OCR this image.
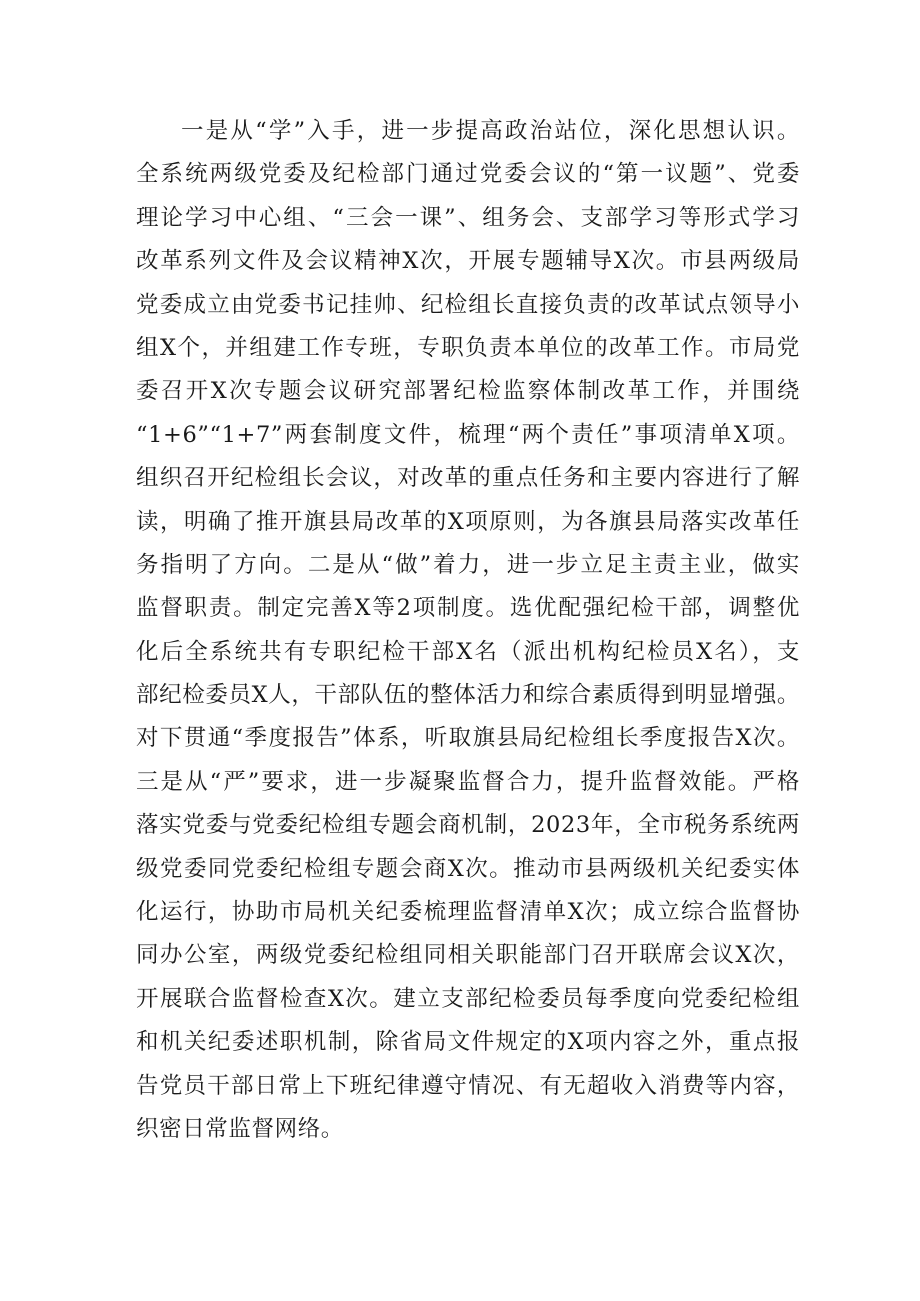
一是从“学”入手，进一步提高政治站位，深化思想认识。
全系统两级党委及纪检部门通过党委会议的“第一议题”、党委
理论学习中心组、“三会一课”、组务会、支部学习等形式学习
改革系列文件及会议精神X次，开展专题辅导X次。市县两级局
党委成立由党委书记挂帅、纪检组长直接负责的改革试点领导小
组X个，并组建工作专班，专职负责本单位的改革工作。市局党
委召开X次专题会议研究部署纪检监察体制改革工作，并围绕
“1+6”“1+7”两套制度文件，梳理“两个责任”事项清单X项。
组织召开纪检组长会议，对改革的重点任务和主要内容进行了解
读，明确了推开旗县局改革的X项原则，为各旗县局落实改革任
务指明了方向。二是从“做”着力，进一步立足主责主业，做实
监督职责。制定完善X等2项制度。选优配强纪检干部，调整优
化后全系统共有专职纪检干部X名（派出机构纪检员X名），支
部纪检委员X人，干部队伍的整体活力和综合素质得到明显增强。
对下贯通“季度报告”体系，听取旗县局纪检组长季度报告X次。
三是从“严”要求，进一步凝聚监督合力，提升监督效能。严格
落实党委与党委纪检组专题会商机制，2023年，全市税务系统两
级党委同党委纪检组专题会商X次。推动市县两级机关纪委实体
化运行，协助市局机关纪委梳理监督清单X次；成立综合监督协
同办公室，两级党委纪检组同相关职能部门召开联席会议X次，
开展联合监督检查X次。建立支部纪检委员每季度向党委纪检组
和机关纪委述职机制，除省局文件规定的X项内容之外，重点报
告党员干部日常上下班纪律遵守情况、有无超收入消费等内容，
织密日常监督网络。
